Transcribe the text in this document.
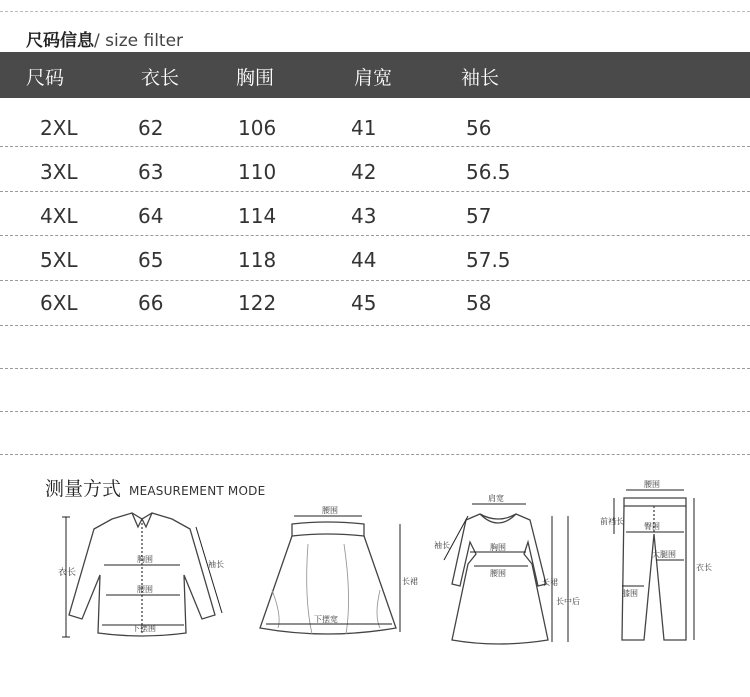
尺码信息/ size filter
尺码	衣长	胸围	肩宽	袖长
2XL	62	106	41	56
3XL	63	110	42	56.5
4XL	64	114	43	57
5XL	65	118	44	57.5
6XL	66	122	45	58
测量方式 MEASUREMENT MODE
衣长
胸围
腰围
袖长
下摆围
腰围
长裙
下摆宽
肩宽
袖长	胸围
腰围
长裙
长中后
腰围
前裆长
臀围
大腿围
膝围
衣长
